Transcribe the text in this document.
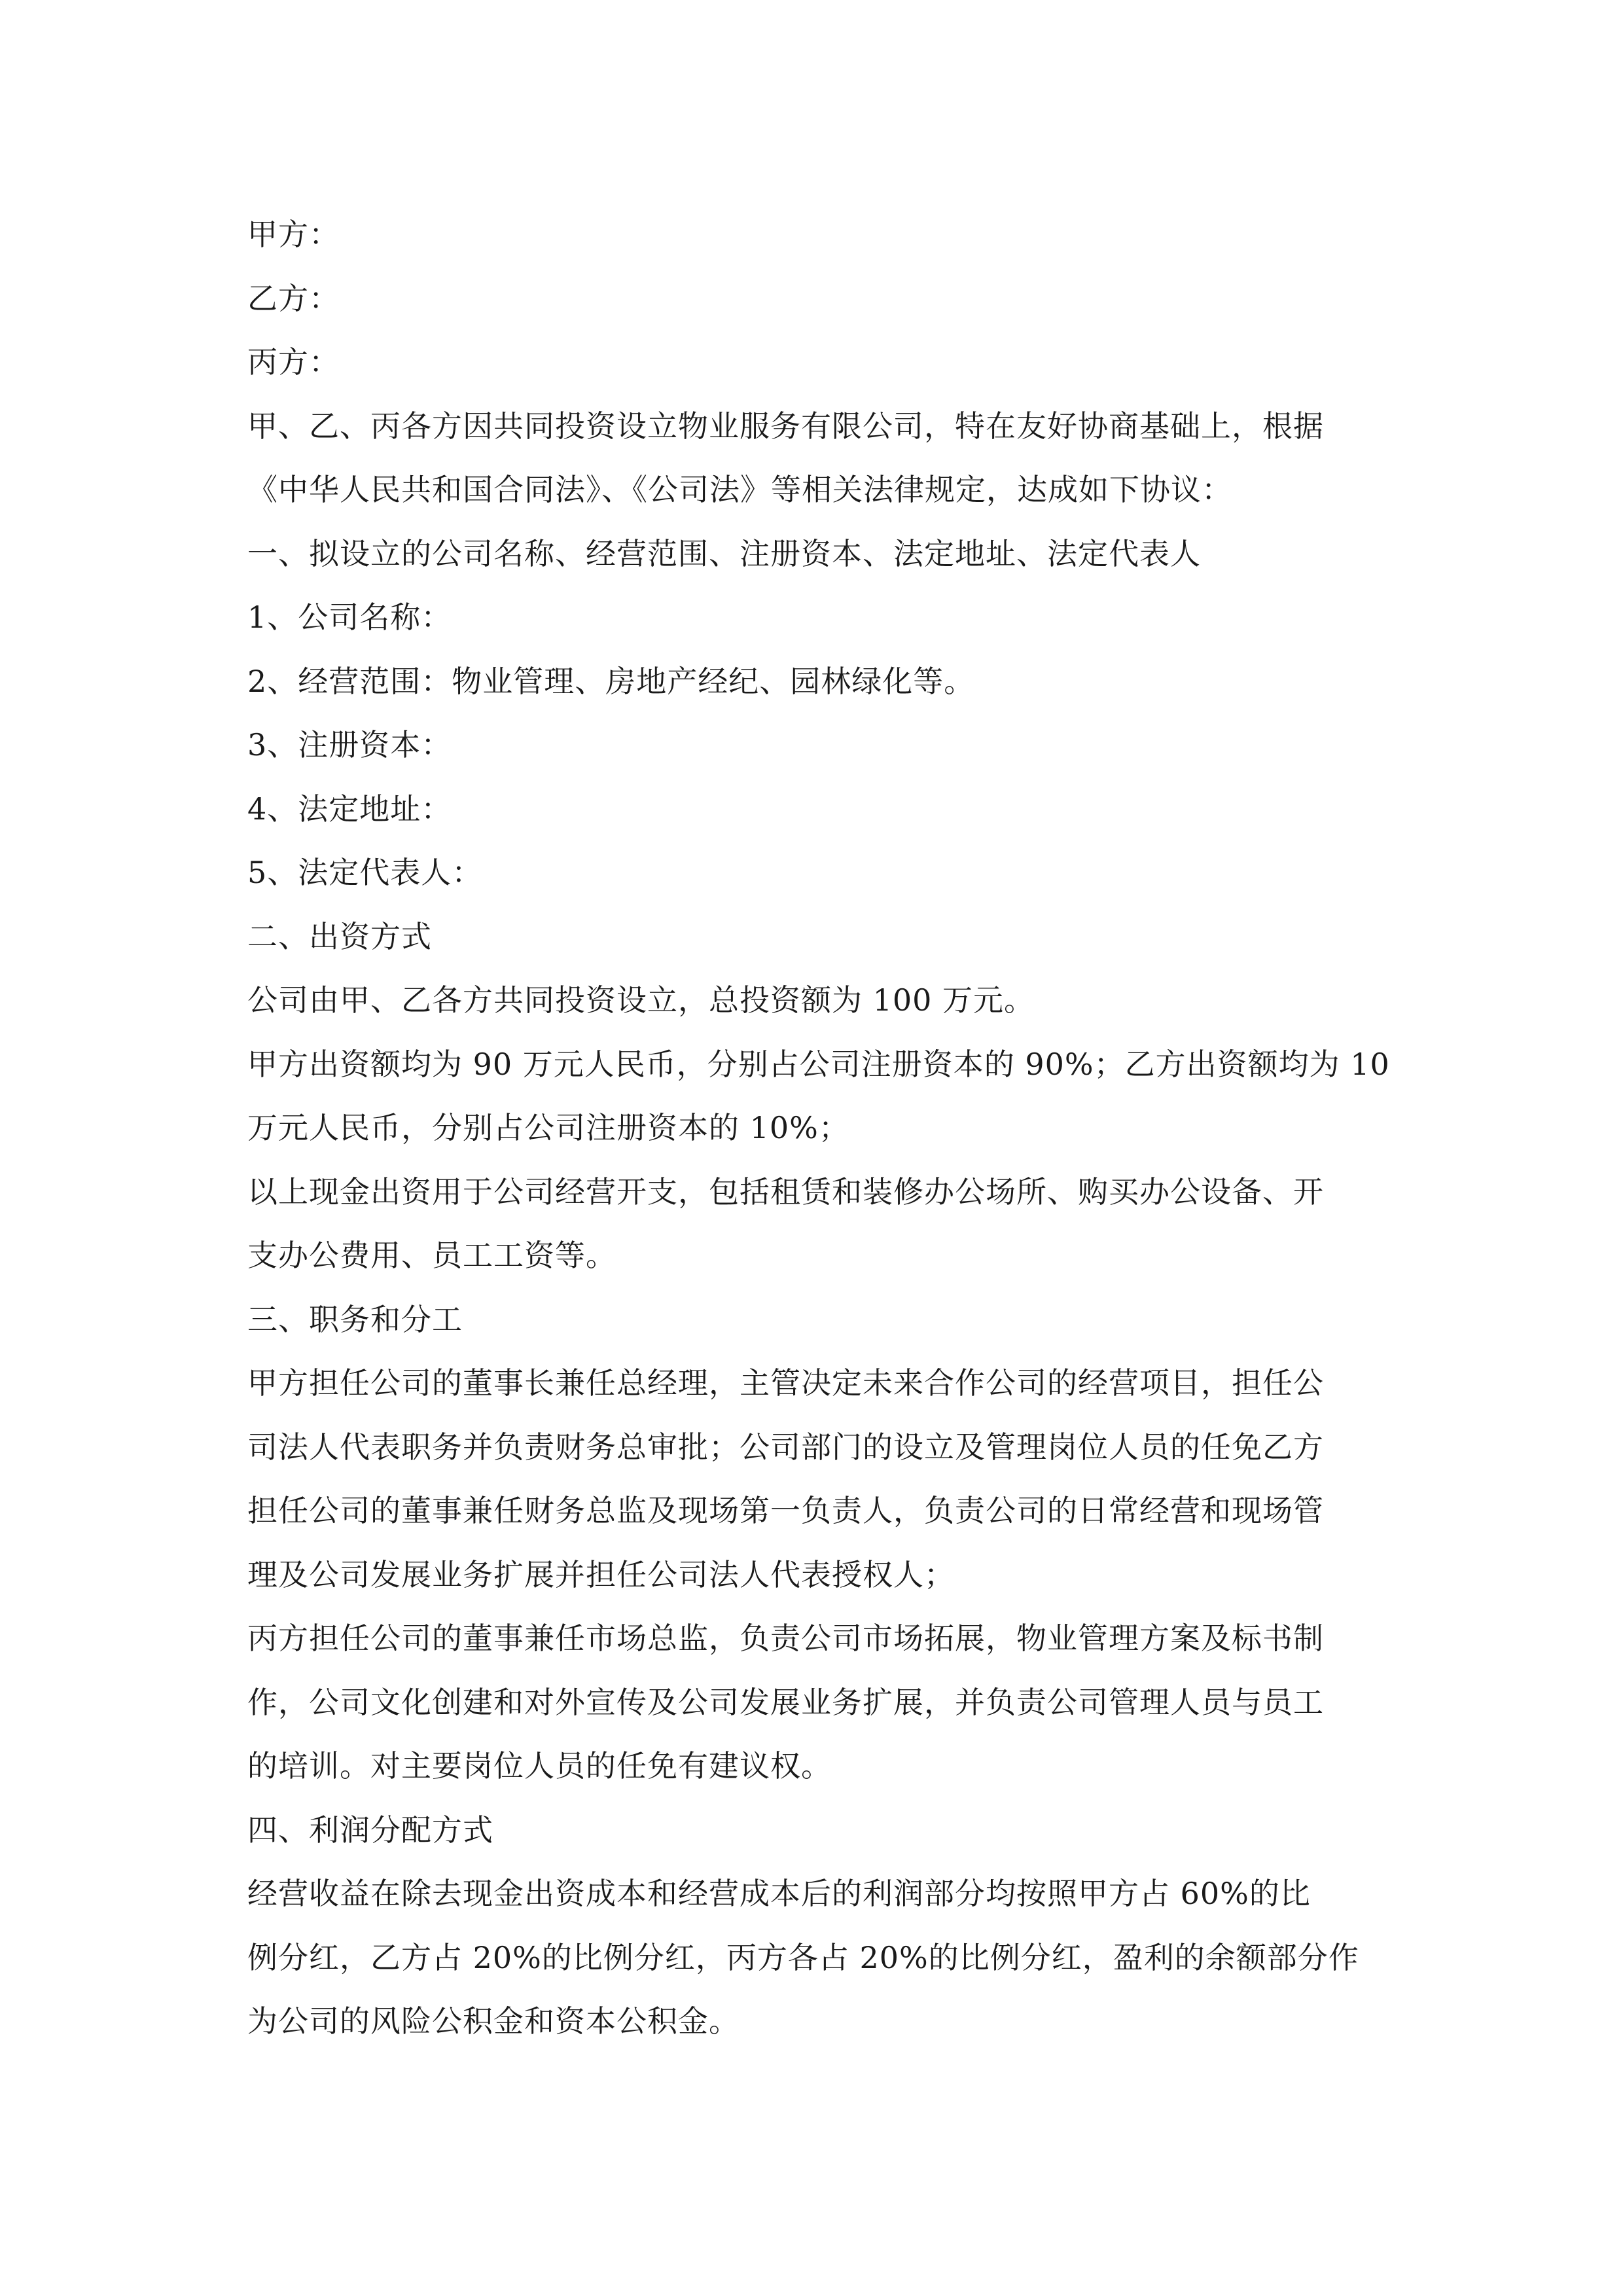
甲方：
乙方：
丙方：
甲、乙、丙各方因共同投资设立物业服务有限公司，特在友好协商基础上，根据
《中华人民共和国合同法》、《公司法》等相关法律规定，达成如下协议：
一、拟设立的公司名称、经营范围、注册资本、法定地址、法定代表人
1、公司名称：
2、经营范围：物业管理、房地产经纪、园林绿化等。
3、注册资本：
4、法定地址：
5、法定代表人：
二、出资方式
公司由甲、乙各方共同投资设立，总投资额为 100 万元。
甲方出资额均为 90 万元人民币，分别占公司注册资本的 90%；乙方出资额均为 10
万元人民币，分别占公司注册资本的 10%；
以上现金出资用于公司经营开支，包括租赁和装修办公场所、购买办公设备、开
支办公费用、员工工资等。
三、职务和分工
甲方担任公司的董事长兼任总经理，主管决定未来合作公司的经营项目，担任公
司法人代表职务并负责财务总审批；公司部门的设立及管理岗位人员的任免乙方
担任公司的董事兼任财务总监及现场第一负责人，负责公司的日常经营和现场管
理及公司发展业务扩展并担任公司法人代表授权人；
丙方担任公司的董事兼任市场总监，负责公司市场拓展，物业管理方案及标书制
作，公司文化创建和对外宣传及公司发展业务扩展，并负责公司管理人员与员工
的培训。对主要岗位人员的任免有建议权。
四、利润分配方式
经营收益在除去现金出资成本和经营成本后的利润部分均按照甲方占 60%的比
例分红，乙方占 20%的比例分红，丙方各占 20%的比例分红，盈利的余额部分作
为公司的风险公积金和资本公积金。
